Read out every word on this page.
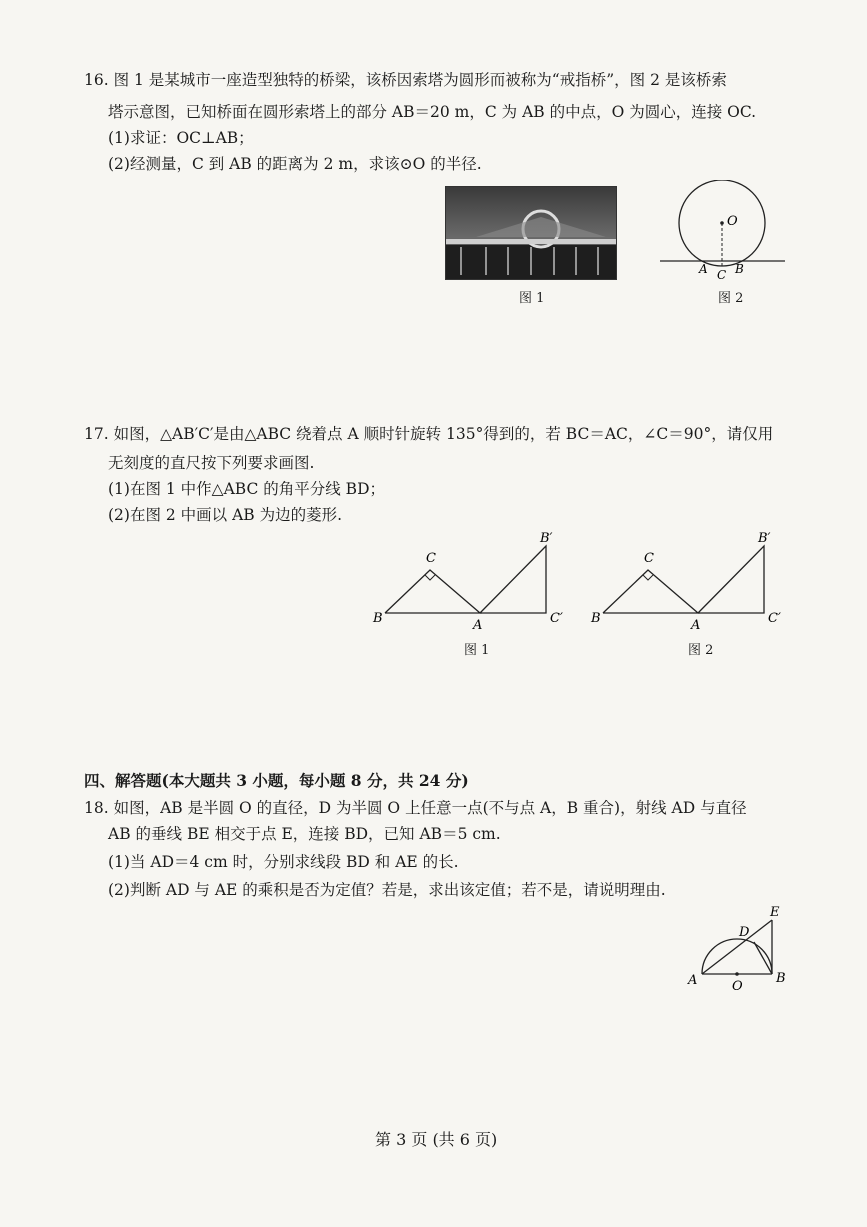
16. 图 1 是某城市一座造型独特的桥梁，该桥因索塔为圆形而被称为“戒指桥”，图 2 是该桥索
塔示意图，已知桥面在圆形索塔上的部分 AB＝20 m，C 为 AB 的中点，O 为圆心，连接 OC.
(1)求证：OC⊥AB；
(2)经测量，C 到 AB 的距离为 2 m，求该⊙O 的半径.
图 1
O
A C B
图 2
17. 如图，△AB′C′是由△ABC 绕着点 A 顺时针旋转 135°得到的，若 BC＝AC，∠C＝90°，请仅用
无刻度的直尺按下列要求画图.
(1)在图 1 中作△ABC 的角平分线 BD；
(2)在图 2 中画以 AB 为边的菱形.
C
B′
B	A	C′
图 1
C
B′
B	A	C′
图 2
四、解答题(本大题共 3 小题，每小题 8 分，共 24 分)
18. 如图，AB 是半圆 O 的直径，D 为半圆 O 上任意一点(不与点 A，B 重合)，射线 AD 与直径
AB 的垂线 BE 相交于点 E，连接 BD，已知 AB＝5 cm.
(1)当 AD＝4 cm 时，分别求线段 BD 和 AE 的长.
(2)判断 AD 与 AE 的乘积是否为定值？若是，求出该定值；若不是，请说明理由.
E
D
A	O
B
第 3 页 (共 6 页)
